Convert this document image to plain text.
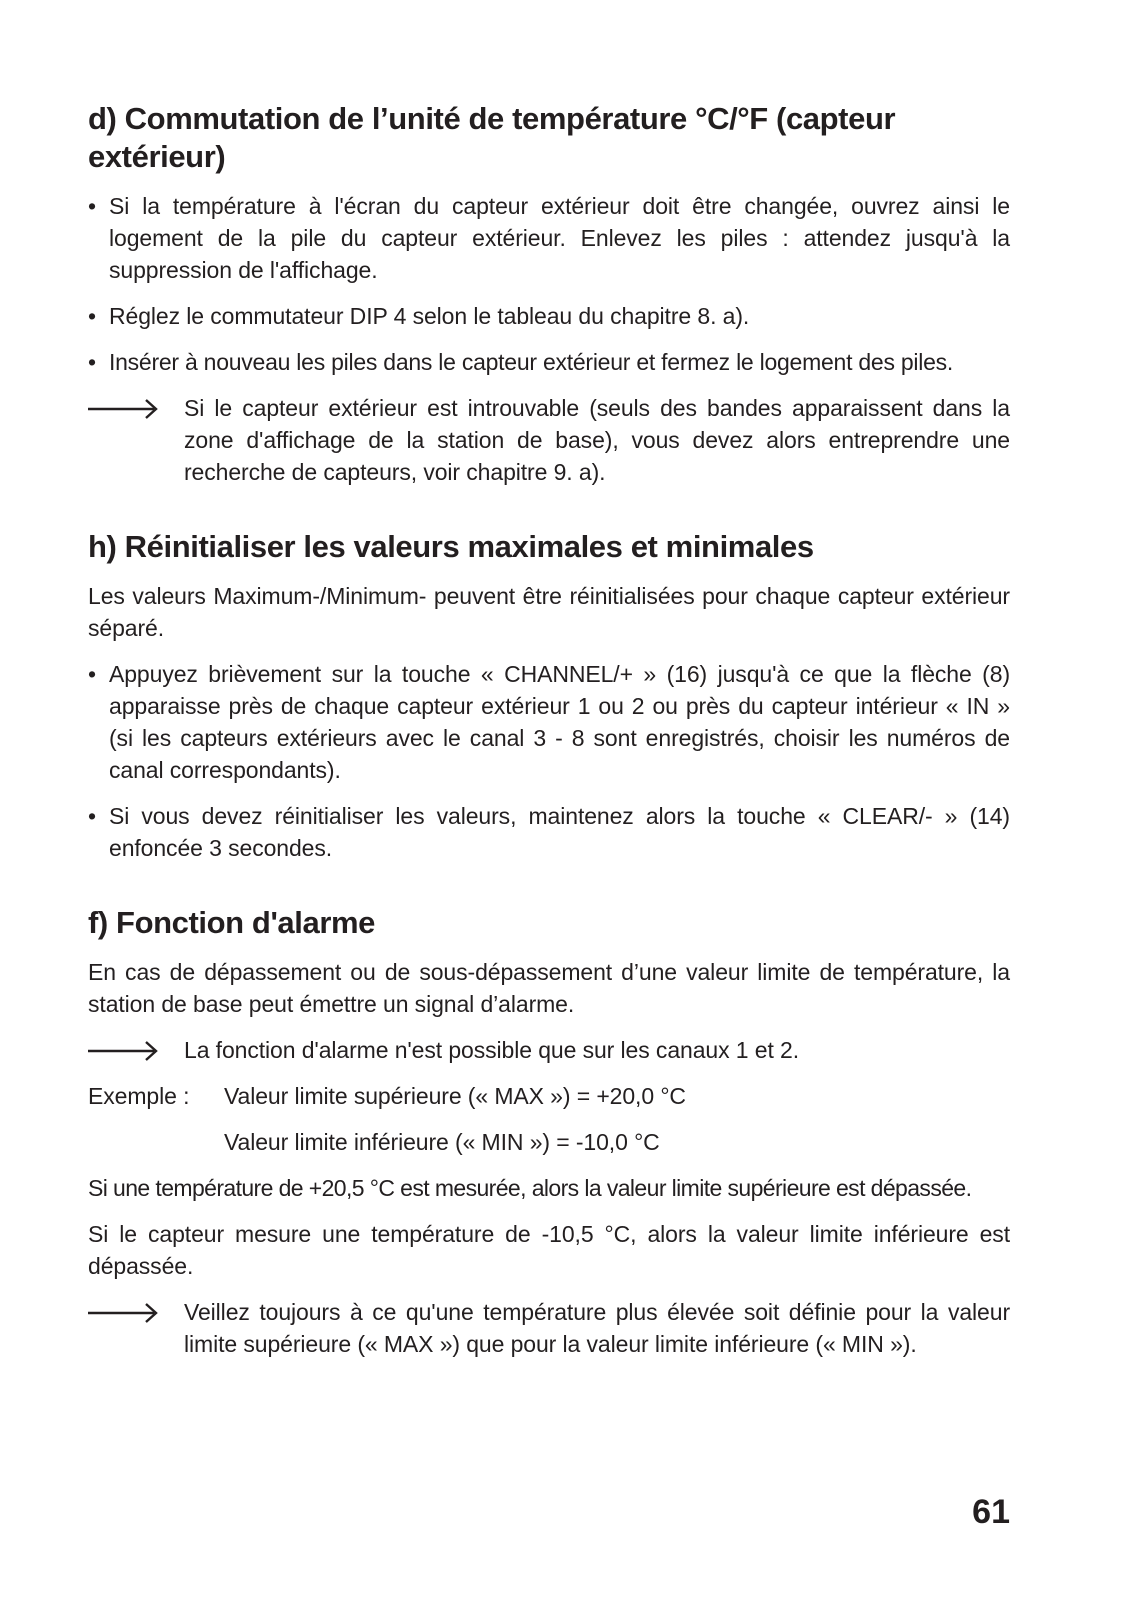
d) Commutation de l’unité de température °C/°F (capteur extérieur)
• Si la température à l'écran du capteur extérieur doit être changée, ouvrez ainsi le logement de la pile du capteur extérieur. Enlevez les piles : attendez jusqu'à la suppression de l'affichage.
• Réglez le commutateur DIP 4 selon le tableau du chapitre 8. a).
• Insérer à nouveau les piles dans le capteur extérieur et fermez le logement des piles.
Si le capteur extérieur est introuvable (seuls des bandes apparaissent dans la zone d'affichage de la station de base), vous devez alors entreprendre une recherche de capteurs, voir chapitre 9. a).
h) Réinitialiser les valeurs maximales et minimales
Les valeurs Maximum-/Minimum- peuvent être réinitialisées pour chaque capteur extérieur séparé.
• Appuyez brièvement sur la touche « CHANNEL/+ » (16) jusqu'à ce que la flèche (8) apparaisse près de chaque capteur extérieur 1 ou 2 ou près du capteur intérieur « IN » (si les capteurs extérieurs avec le canal 3 - 8 sont enregistrés, choisir les numéros de canal correspondants).
• Si vous devez réinitialiser les valeurs, maintenez alors la touche « CLEAR/- » (14) enfoncée 3 secondes.
f) Fonction d'alarme
En cas de dépassement ou de sous-dépassement d’une valeur limite de température, la station de base peut émettre un signal d’alarme.
La fonction d'alarme n'est possible que sur les canaux 1 et 2.
Exemple :	Valeur limite supérieure (« MAX ») = +20,0 °C
Valeur limite inférieure (« MIN ») = -10,0 °C
Si une température de +20,5 °C est mesurée, alors la valeur limite supérieure est dépassée.
Si le capteur mesure une température de -10,5 °C, alors la valeur limite inférieure est dépassée.
Veillez toujours à ce qu'une température plus élevée soit définie pour la valeur limite supérieure (« MAX ») que pour la valeur limite inférieure (« MIN »).
61
